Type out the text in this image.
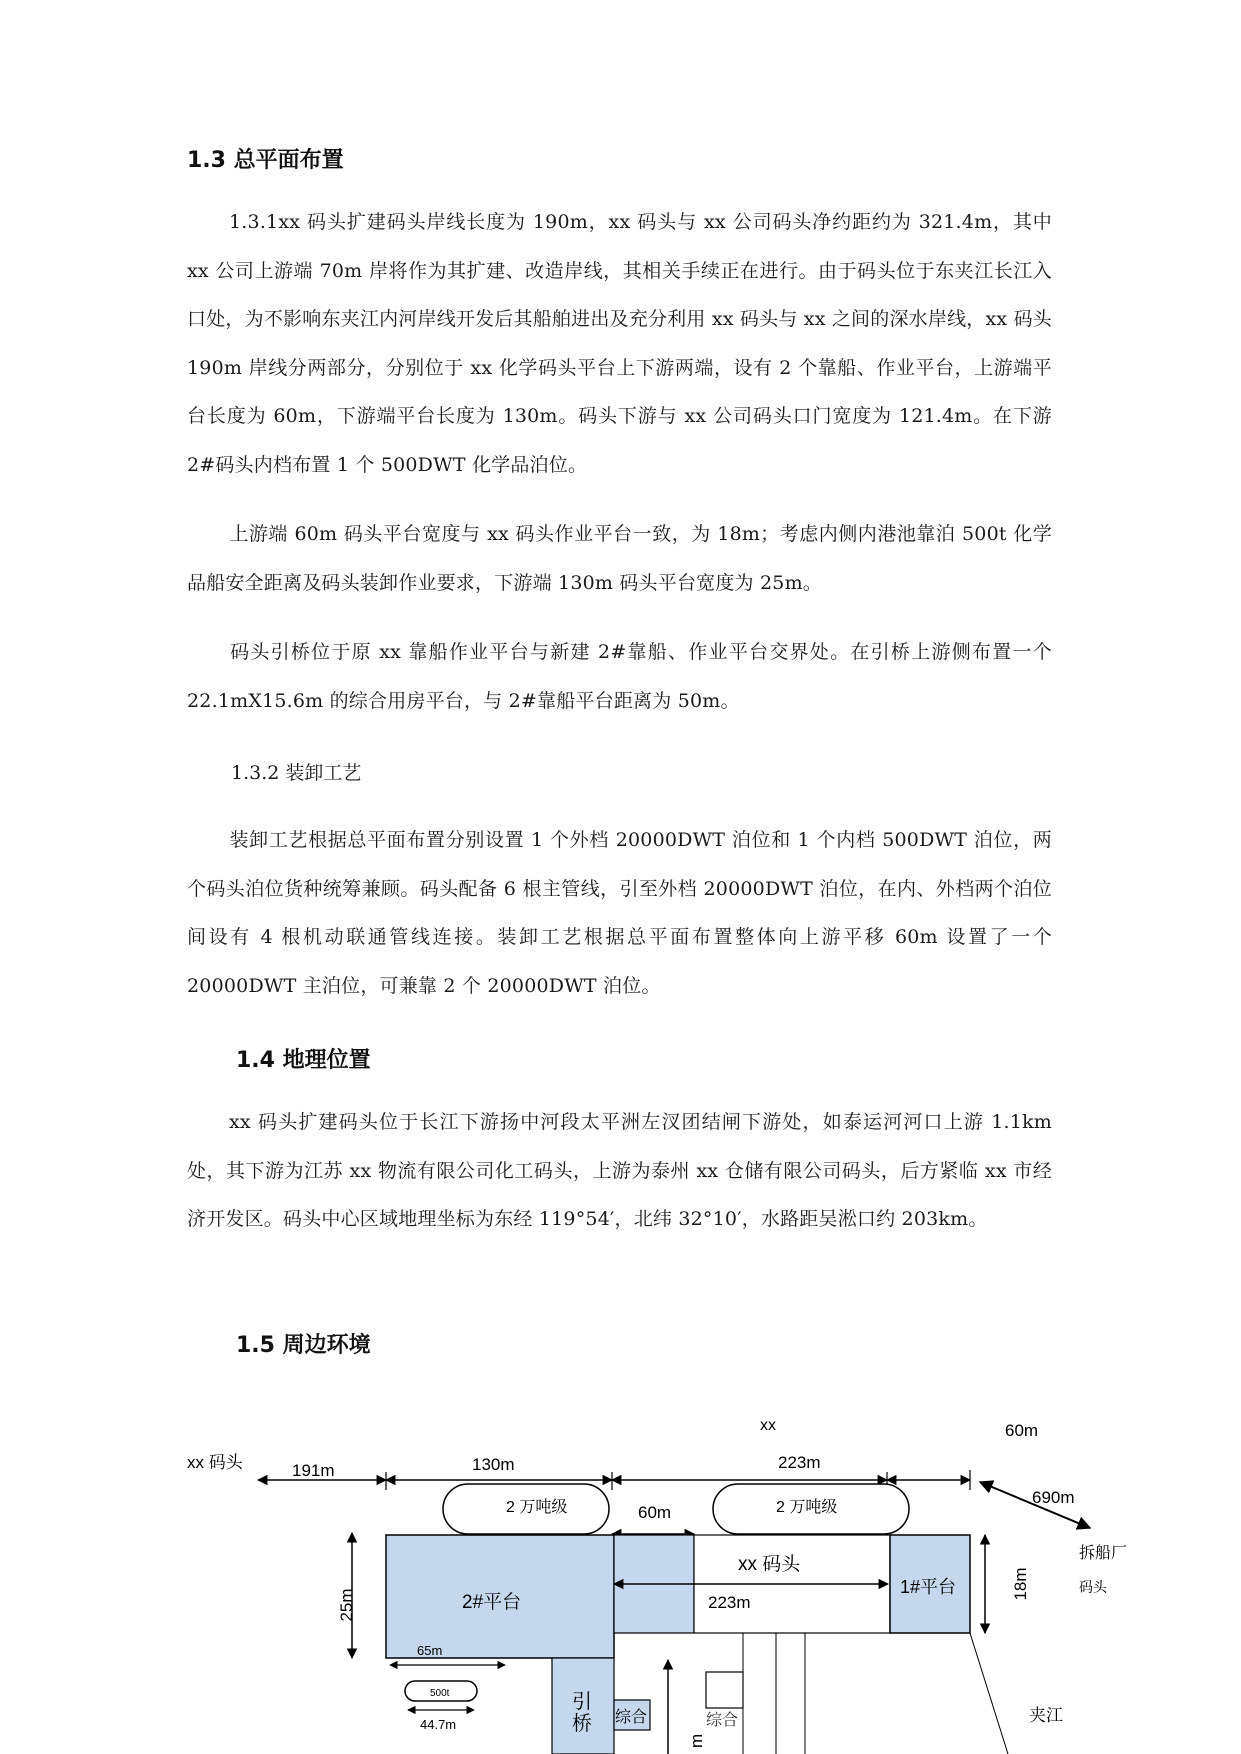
1.3 总平面布置

1.3.1xx 码头扩建码头岸线长度为 190m，xx 码头与 xx 公司码头净约距约为 321.4m，其中 xx 公司上游端 70m 岸将作为其扩建、改造岸线，其相关手续正在进行。由于码头位于东夹江长江入口处，为不影响东夹江内河岸线开发后其船舶进出及充分利用 xx 码头与 xx 之间的深水岸线，xx 码头 190m 岸线分两部分，分别位于 xx 化学码头平台上下游两端，设有 2 个靠船、作业平台，上游端平台长度为 60m，下游端平台长度为 130m。码头下游与 xx 公司码头口门宽度为 121.4m。在下游 2#码头内档布置 1 个 500DWT 化学品泊位。

上游端 60m 码头平台宽度与 xx 码头作业平台一致，为 18m；考虑内侧内港池靠泊 500t 化学品船安全距离及码头装卸作业要求，下游端 130m 码头平台宽度为 25m。

码头引桥位于原 xx 靠船作业平台与新建 2#靠船、作业平台交界处。在引桥上游侧布置一个 22.1mX15.6m 的综合用房平台，与 2#靠船平台距离为 50m。

1.3.2 装卸工艺

装卸工艺根据总平面布置分别设置 1 个外档 20000DWT 泊位和 1 个内档 500DWT 泊位，两个码头泊位货种统筹兼顾。码头配备 6 根主管线，引至外档 20000DWT 泊位，在内、外档两个泊位间设有 4 根机动联通管线连接。装卸工艺根据总平面布置整体向上游平移 60m 设置了一个 20000DWT 主泊位，可兼靠 2 个 20000DWT 泊位。

1.4 地理位置

xx 码头扩建码头位于长江下游扬中河段太平洲左汊团结闸下游处，如泰运河河口上游 1.1km 处，其下游为江苏 xx 物流有限公司化工码头，上游为泰州 xx 仓储有限公司码头，后方紧临 xx 市经济开发区。码头中心区域地理坐标为东经 119°54′，北纬 32°10′，水路距吴淞口约 203km。

1.5 周边环境
xx	60m
xx 码头	191m	130m	223m
690m
2 万吨级	2 万吨级
60m
拆船厂
码头
25m	2#平台
xx 码头
223m
1#平台	18m
65m
500t
44.7m
引
桥 综合	综合
m
夹江
